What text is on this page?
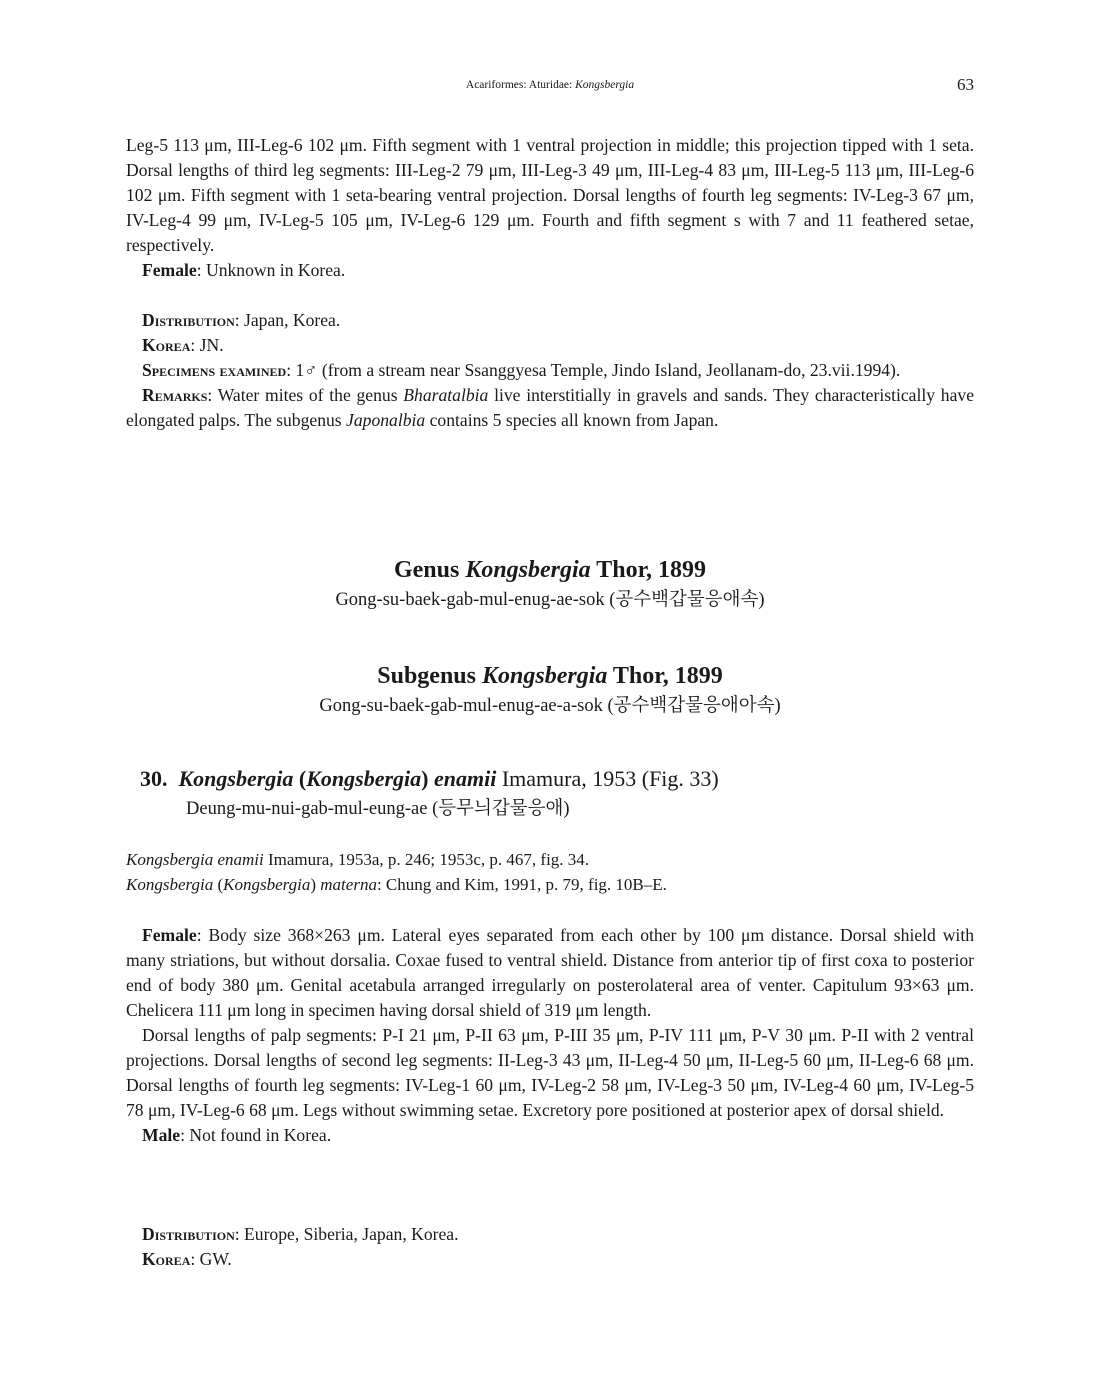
Acariformes: Aturidae: Kongsbergia	63

Leg-5 113 μm, III-Leg-6 102 μm. Fifth segment with 1 ventral projection in middle; this projection tipped with 1 seta. Dorsal lengths of third leg segments: III-Leg-2 79 μm, III-Leg-3 49 μm, III-Leg-4 83 μm, III-Leg-5 113 μm, III-Leg-6 102 μm. Fifth segment with 1 seta-bearing ventral projection. Dorsal lengths of fourth leg segments: IV-Leg-3 67 μm, IV-Leg-4 99 μm, IV-Leg-5 105 μm, IV-Leg-6 129 μm. Fourth and fifth segment s with 7 and 11 feathered setae, respectively.

Female: Unknown in Korea.

Distribution: Japan, Korea.

Korea: JN.

Specimens examined: 1♂ (from a stream near Ssanggyesa Temple, Jindo Island, Jeollanam-do, 23.vii.1994).

Remarks: Water mites of the genus Bharatalbia live interstitially in gravels and sands. They characteristically have elongated palps. The subgenus Japonalbia contains 5 species all known from Japan.

Genus Kongsbergia Thor, 1899
Gong-su-baek-gab-mul-enug-ae-sok (공수백갑물응애속)
Subgenus Kongsbergia Thor, 1899
Gong-su-baek-gab-mul-enug-ae-a-sok (공수백갑물응애아속)
30. Kongsbergia (Kongsbergia) enamii Imamura, 1953 (Fig. 33)
Deung-mu-nui-gab-mul-eung-ae (등무늬갑물응애)
Kongsbergia enamii Imamura, 1953a, p. 246; 1953c, p. 467, fig. 34.
Kongsbergia (Kongsbergia) materna: Chung and Kim, 1991, p. 79, fig. 10B–E.

Female: Body size 368×263 μm. Lateral eyes separated from each other by 100 μm distance. Dorsal shield with many striations, but without dorsalia. Coxae fused to ventral shield. Distance from anterior tip of first coxa to posterior end of body 380 μm. Genital acetabula arranged irregularly on posterolateral area of venter. Capitulum 93×63 μm. Chelicera 111 μm long in specimen having dorsal shield of 319 μm length.

Dorsal lengths of palp segments: P-I 21 μm, P-II 63 μm, P-III 35 μm, P-IV 111 μm, P-V 30 μm. P-II with 2 ventral projections. Dorsal lengths of second leg segments: II-Leg-3 43 μm, II-Leg-4 50 μm, II-Leg-5 60 μm, II-Leg-6 68 μm. Dorsal lengths of fourth leg segments: IV-Leg-1 60 μm, IV-Leg-2 58 μm, IV-Leg-3 50 μm, IV-Leg-4 60 μm, IV-Leg-5 78 μm, IV-Leg-6 68 μm. Legs without swimming setae. Excretory pore positioned at posterior apex of dorsal shield.

Male: Not found in Korea.

Distribution: Europe, Siberia, Japan, Korea.

Korea: GW.
